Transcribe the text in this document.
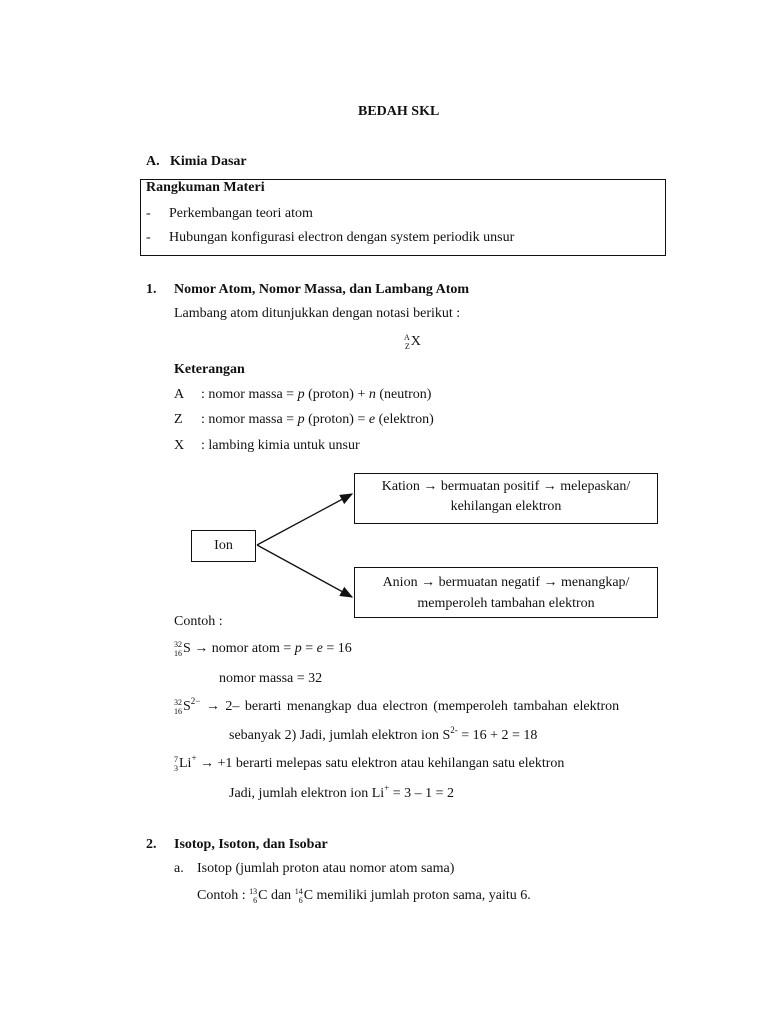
BEDAH SKL
A. Kimia Dasar
Rangkuman Materi
- Perkembangan teori atom
- Hubungan konfigurasi electron dengan system periodik unsur
1. Nomor Atom, Nomor Massa, dan Lambang Atom
Lambang atom ditunjukkan dengan notasi berikut :
A
Z X
Keterangan
A : nomor massa = p (proton) + n (neutron)
Z : nomor massa = p (proton) = e (elektron)
X : lambing kimia untuk unsur
Ion
Kation → bermuatan positif → melepaskan/
kehilangan elektron
Anion → bermuatan negatif → menangkap/
memperoleh tambahan elektron
Contoh :
32
16 S → nomor atom = p = e = 16
nomor massa = 32
32
16 $S^{2-} \to 2-$ berarti menangkap dua electron (memperoleh tambahan elektron
sebanyak 2) Jadi, jumlah elektron ion $S^{2-} = 16 + 2 = 18$
7
3 Li+ → +1 berarti melepas satu elektron atau kehilangan satu elektron
Jadi, jumlah elektron ion Li+ = 3 – 1 = 2
2. Isotop, Isoton, dan Isobar
a. Isotop (jumlah proton atau nomor atom sama)
Contoh : 13
6 C dan 14
6 C memiliki jumlah proton sama, yaitu 6.
